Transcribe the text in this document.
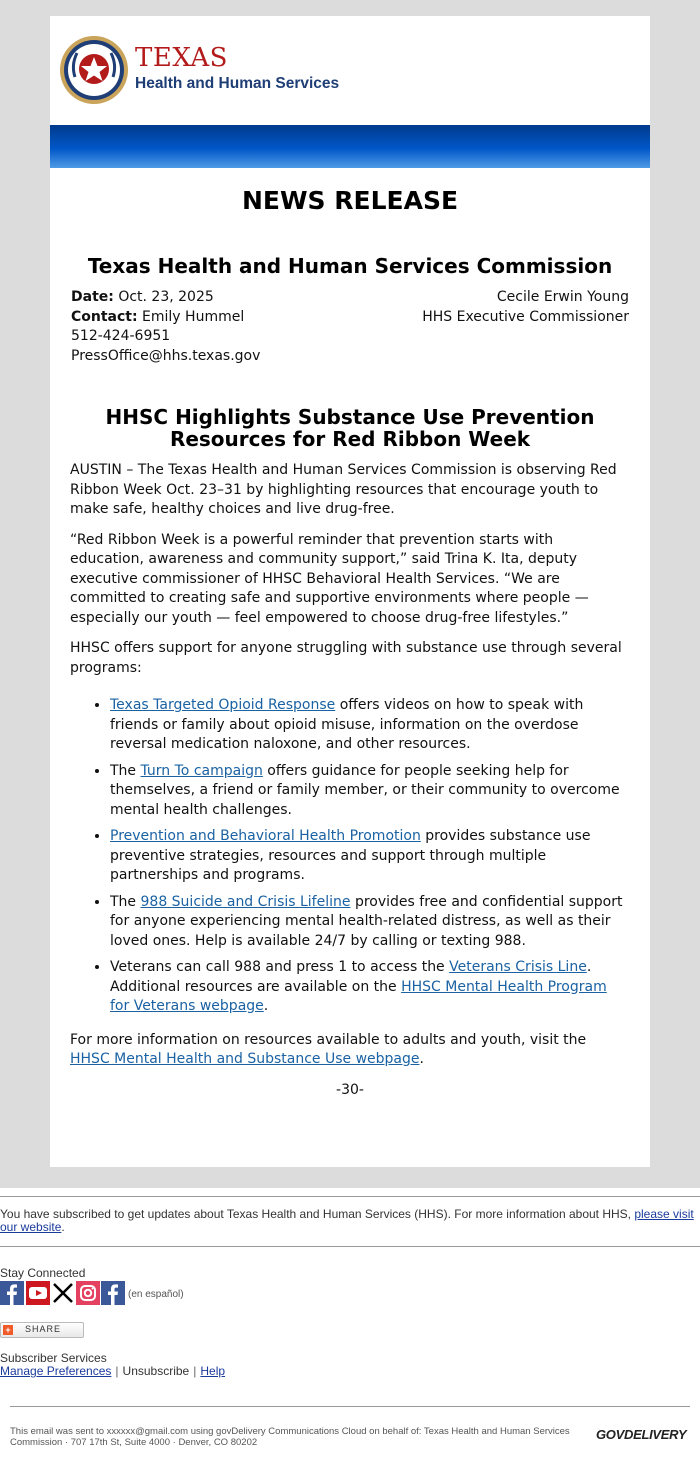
TEXAS
Health and Human Services
NEWS RELEASE
Texas Health and Human Services Commission
Date: Oct. 23, 2025
Contact: Emily Hummel
512-424-6951
PressOffice@hhs.texas.gov
Cecile Erwin Young
HHS Executive Commissioner
HHSC Highlights Substance Use Prevention Resources for Red Ribbon Week

AUSTIN – The Texas Health and Human Services Commission is observing Red Ribbon Week Oct. 23–31 by highlighting resources that encourage youth to make safe, healthy choices and live drug-free.

“Red Ribbon Week is a powerful reminder that prevention starts with education, awareness and community support,” said Trina K. Ita, deputy executive commissioner of HHSC Behavioral Health Services. “We are committed to creating safe and supportive environments where people — especially our youth — feel empowered to choose drug-free lifestyles.”

HHSC offers support for anyone struggling with substance use through several programs:

• Texas Targeted Opioid Response offers videos on how to speak with friends or family about opioid misuse, information on the overdose reversal medication naloxone, and other resources.
• The Turn To campaign offers guidance for people seeking help for themselves, a friend or family member, or their community to overcome mental health challenges.
• Prevention and Behavioral Health Promotion provides substance use preventive strategies, resources and support through multiple partnerships and programs.
• The 988 Suicide and Crisis Lifeline provides free and confidential support for anyone experiencing mental health-related distress, as well as their loved ones. Help is available 24/7 by calling or texting 988.
• Veterans can call 988 and press 1 to access the Veterans Crisis Line. Additional resources are available on the HHSC Mental Health Program for Veterans webpage.

For more information on resources available to adults and youth, visit the HHSC Mental Health and Substance Use webpage.

-30-
You have subscribed to get updates about Texas Health and Human Services (HHS). For more information about HHS, please visit our website.
Stay Connected
(en español)
+ SHARE
Subscriber Services
Manage Preferences | Unsubscribe | Help
This email was sent to xxxxxx@gmail.com using govDelivery Communications Cloud on behalf of: Texas Health and Human Services Commission · 707 17th St, Suite 4000 · Denver, CO 80202
GOVDELIVERY
